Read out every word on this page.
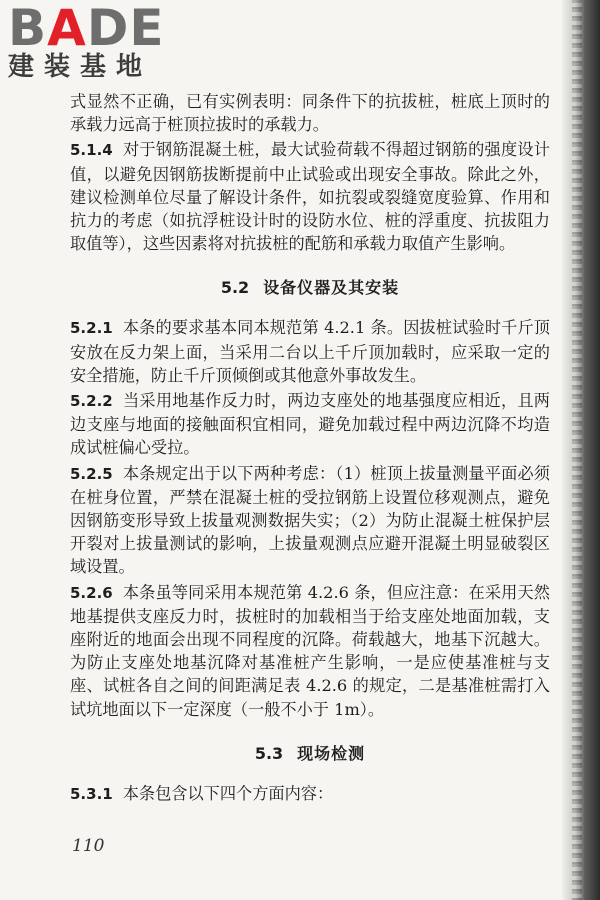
BADE
建装基地

式显然不正确，已有实例表明：同条件下的抗拔桩，桩底上顶时的承载力远高于桩顶拉拔时的承载力。

5.1.4 对于钢筋混凝土桩，最大试验荷载不得超过钢筋的强度设计值，以避免因钢筋拔断提前中止试验或出现安全事故。除此之外，建议检测单位尽量了解设计条件，如抗裂或裂缝宽度验算、作用和抗力的考虑（如抗浮桩设计时的设防水位、桩的浮重度、抗拔阻力取值等），这些因素将对抗拔桩的配筋和承载力取值产生影响。

5.2 设备仪器及其安装

5.2.1 本条的要求基本同本规范第 4.2.1 条。因拔桩试验时千斤顶安放在反力架上面，当采用二台以上千斤顶加载时，应采取一定的安全措施，防止千斤顶倾倒或其他意外事故发生。

5.2.2 当采用地基作反力时，两边支座处的地基强度应相近，且两边支座与地面的接触面积宜相同，避免加载过程中两边沉降不均造成试桩偏心受拉。

5.2.5 本条规定出于以下两种考虑：（1）桩顶上拔量测量平面必须在桩身位置，严禁在混凝土桩的受拉钢筋上设置位移观测点，避免因钢筋变形导致上拔量观测数据失实；（2）为防止混凝土桩保护层开裂对上拔量测试的影响，上拔量观测点应避开混凝土明显破裂区域设置。

5.2.6 本条虽等同采用本规范第 4.2.6 条，但应注意：在采用天然地基提供支座反力时，拔桩时的加载相当于给支座处地面加载，支座附近的地面会出现不同程度的沉降。荷载越大，地基下沉越大。为防止支座处地基沉降对基准桩产生影响，一是应使基准桩与支座、试桩各自之间的间距满足表 4.2.6 的规定，二是基准桩需打入试坑地面以下一定深度（一般不小于 1m）。

5.3 现场检测

5.3.1 本条包含以下四个方面内容：

110
